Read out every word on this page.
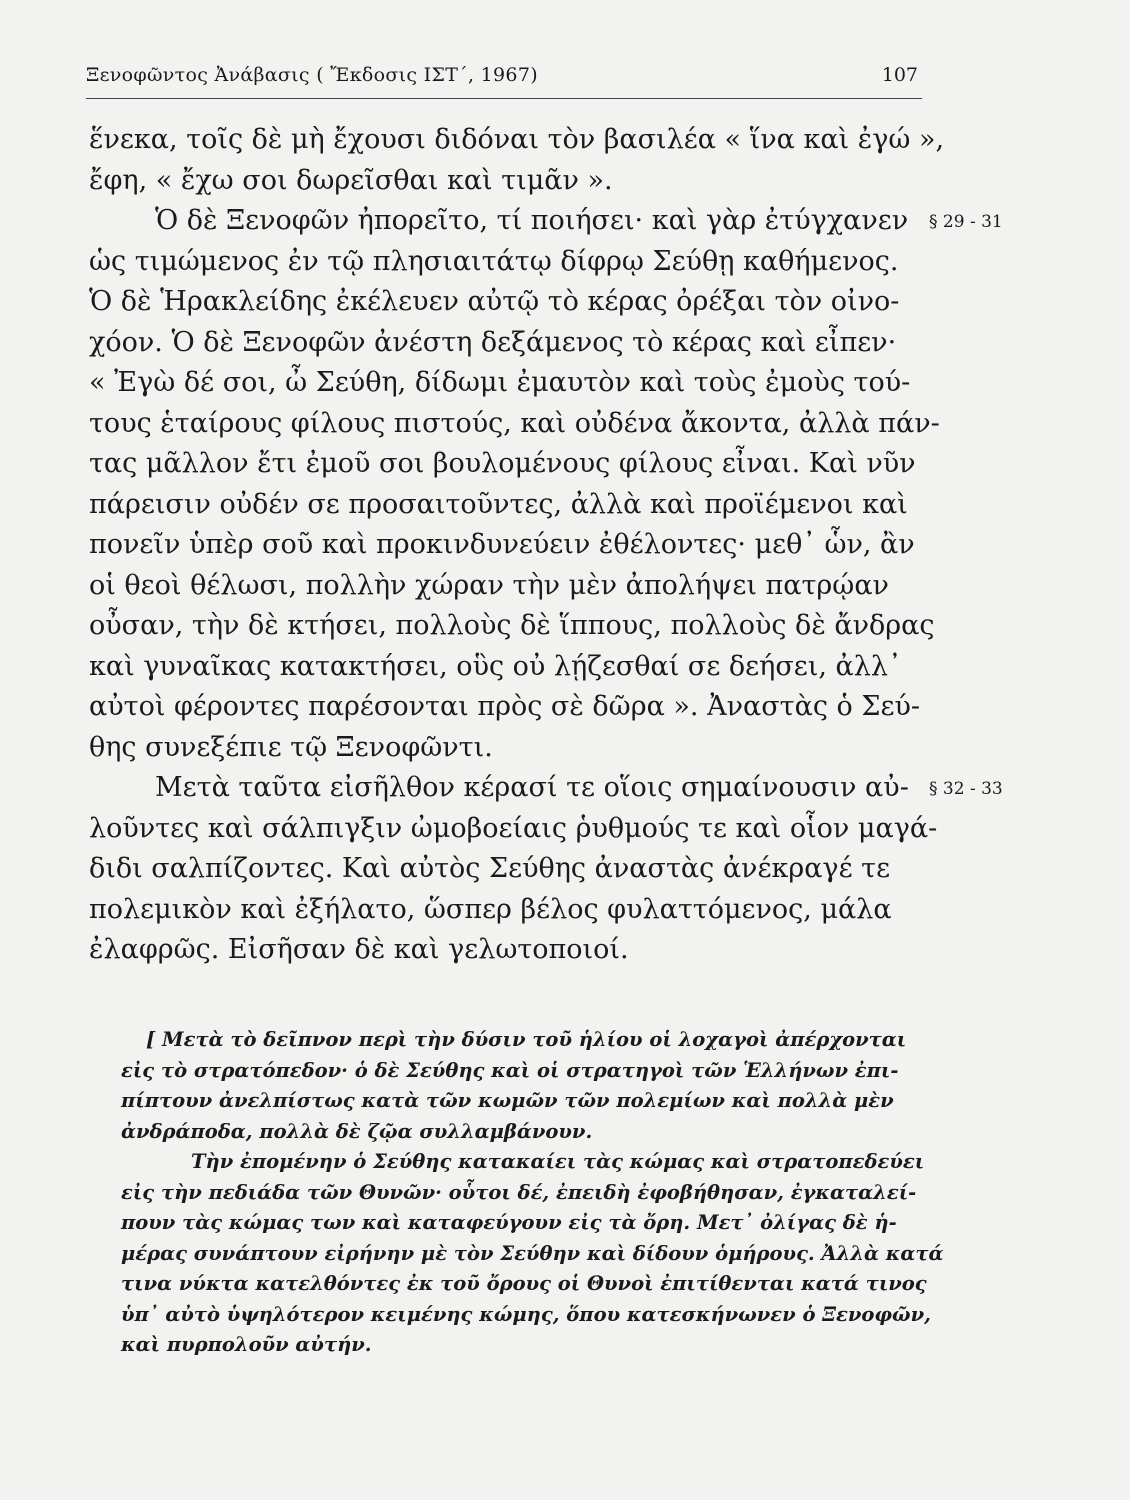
Ξενοφῶντος Ἀνάβασις ( Ἔκδοσις ΙΣΤ΄, 1967)	107
ἕνεκα, τοῖς δὲ μὴ ἔχουσι διδόναι τὸν βασιλέα « ἵνα καὶ ἐγώ »,
ἔφη, « ἔχω σοι δωρεῖσθαι καὶ τιμᾶν ».
Ὁ δὲ Ξενοφῶν ἠπορεῖτο, τί ποιήσει· καὶ γὰρ ἐτύγχανεν § 29 - 31
ὡς τιμώμενος ἐν τῷ πλησιαιτάτῳ δίφρῳ Σεύθῃ καθήμενος.
Ὁ δὲ Ἡρακλείδης ἐκέλευεν αὐτῷ τὸ κέρας ὀρέξαι τὸν οἰνο-
χόον. Ὁ δὲ Ξενοφῶν ἀνέστη δεξάμενος τὸ κέρας καὶ εἶπεν·
« Ἐγὼ δέ σοι, ὦ Σεύθη, δίδωμι ἐμαυτὸν καὶ τοὺς ἐμοὺς τού-
τους ἑταίρους φίλους πιστούς, καὶ οὐδένα ἄκοντα, ἀλλὰ πάν-
τας μᾶλλον ἔτι ἐμοῦ σοι βουλομένους φίλους εἶναι. Καὶ νῦν
πάρεισιν οὐδέν σε προσαιτοῦντες, ἀλλὰ καὶ προϊέμενοι καὶ
πονεῖν ὑπὲρ σοῦ καὶ προκινδυνεύειν ἐθέλοντες· μεθ᾽ ὧν, ἂν
οἱ θεοὶ θέλωσι, πολλὴν χώραν τὴν μὲν ἀπολήψει πατρῴαν
οὖσαν, τὴν δὲ κτήσει, πολλοὺς δὲ ἵππους, πολλοὺς δὲ ἄνδρας
καὶ γυναῖκας κατακτήσει, οὓς οὐ λῄζεσθαί σε δεήσει, ἀλλ᾽
αὐτοὶ φέροντες παρέσονται πρὸς σὲ δῶρα ». Ἀναστὰς ὁ Σεύ-
θης συνεξέπιε τῷ Ξενοφῶντι.
Μετὰ ταῦτα εἰσῆλθον κέρασί τε οἵοις σημαίνουσιν αὐ- § 32 - 33
λοῦντες καὶ σάλπιγξιν ὠμοβοείαις ῥυθμούς τε καὶ οἷον μαγά-
διδι σαλπίζοντες. Καὶ αὐτὸς Σεύθης ἀναστὰς ἀνέκραγέ τε
πολεμικὸν καὶ ἐξήλατο, ὥσπερ βέλος φυλαττόμενος, μάλα
ἐλαφρῶς. Εἰσῆσαν δὲ καὶ γελωτοποιοί.
[ Μετὰ τὸ δεῖπνον περὶ τὴν δύσιν τοῦ ἡλίου οἱ λοχαγοὶ ἀπέρχονται
εἰς τὸ στρατόπεδον· ὁ δὲ Σεύθης καὶ οἱ στρατηγοὶ τῶν Ἑλλήνων ἐπι-
πίπτουν ἀνελπίστως κατὰ τῶν κωμῶν τῶν πολεμίων καὶ πολλὰ μὲν
ἀνδράποδα, πολλὰ δὲ ζῷα συλλαμβάνουν.
Τὴν ἐπομένην ὁ Σεύθης κατακαίει τὰς κώμας καὶ στρατοπεδεύει
εἰς τὴν πεδιάδα τῶν Θυνῶν· οὗτοι δέ, ἐπειδὴ ἐφοβήθησαν, ἐγκαταλεί-
πουν τὰς κώμας των καὶ καταφεύγουν εἰς τὰ ὄρη. Μετ᾽ ὀλίγας δὲ ἡ-
μέρας συνάπτουν εἰρήνην μὲ τὸν Σεύθην καὶ δίδουν ὁμήρους. Ἀλλὰ κατά
τινα νύκτα κατελθόντες ἐκ τοῦ ὄρους οἱ Θυνοὶ ἐπιτίθενται κατά τινος
ὑπ᾽ αὐτὸ ὑψηλότερον κειμένης κώμης, ὅπου κατεσκήνωνεν ὁ Ξενοφῶν,
καὶ πυρπολοῦν αὐτήν.
